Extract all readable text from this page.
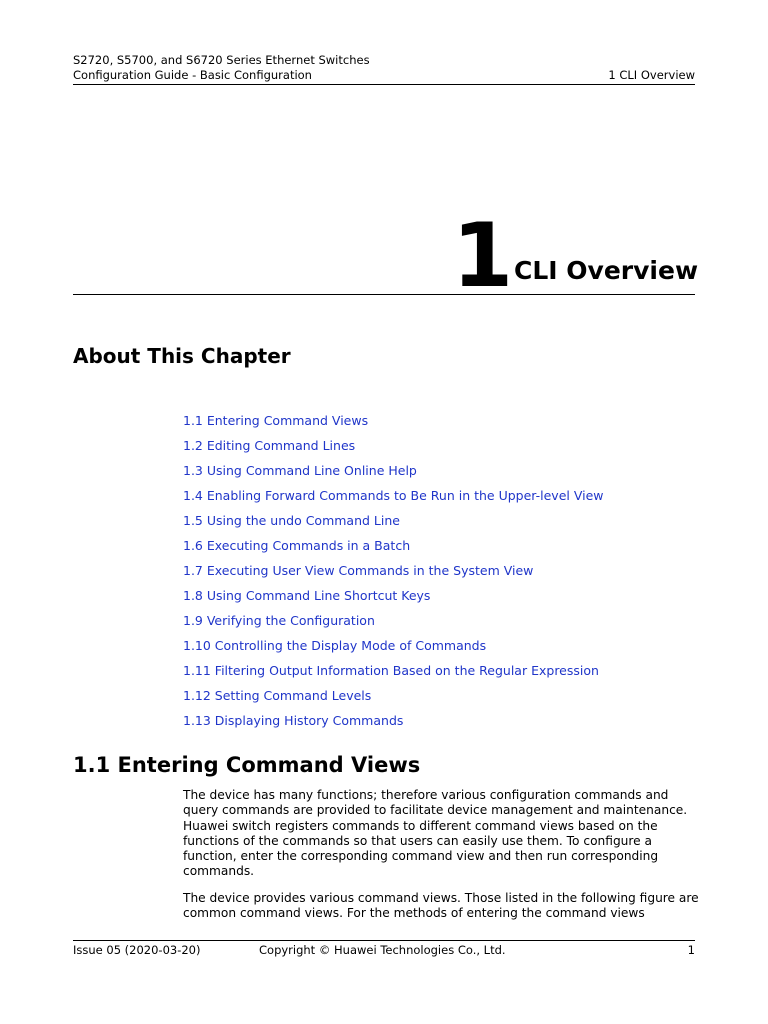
S2720, S5700, and S6720 Series Ethernet Switches
Configuration Guide - Basic Configuration	1 CLI Overview
1 CLI Overview
About This Chapter
1.1 Entering Command Views
1.2 Editing Command Lines
1.3 Using Command Line Online Help
1.4 Enabling Forward Commands to Be Run in the Upper-level View
1.5 Using the undo Command Line
1.6 Executing Commands in a Batch
1.7 Executing User View Commands in the System View
1.8 Using Command Line Shortcut Keys
1.9 Verifying the Configuration
1.10 Controlling the Display Mode of Commands
1.11 Filtering Output Information Based on the Regular Expression
1.12 Setting Command Levels
1.13 Displaying History Commands
1.1 Entering Command Views

The device has many functions; therefore various configuration commands and query commands are provided to facilitate device management and maintenance. Huawei switch registers commands to different command views based on the functions of the commands so that users can easily use them. To configure a function, enter the corresponding command view and then run corresponding commands.

The device provides various command views. Those listed in the following figure are common command views. For the methods of entering the command views

Issue 05 (2020-03-20)	Copyright © Huawei Technologies Co., Ltd.	1
